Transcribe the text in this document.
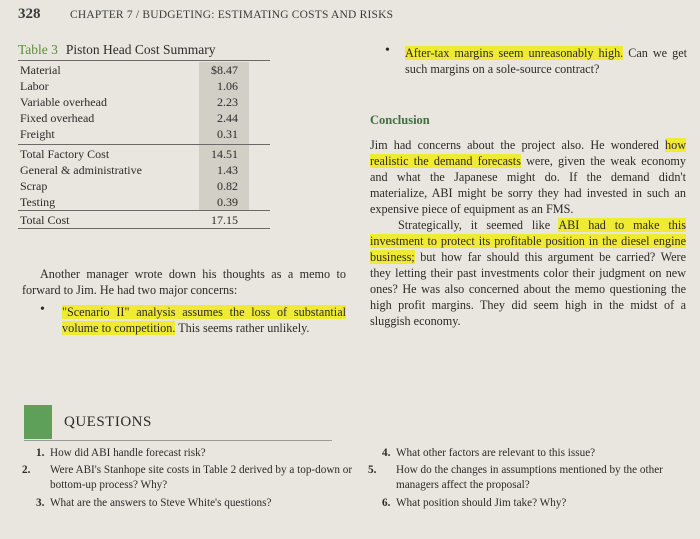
328	CHAPTER 7 / BUDGETING: ESTIMATING COSTS AND RISKS
Table 3 Piston Head Cost Summary
Material	$8.47
Labor	1.06
Variable overhead	2.23
Fixed overhead	2.44
Freight	0.31
Total Factory Cost	14.51
General & administrative	1.43
Scrap	0.82
Testing	0.39
Total Cost	17.15
Another manager wrote down his thoughts as a memo to forward to Jim. He had two major concerns:
• "Scenario II" analysis assumes the loss of substantial volume to competition. This seems rather unlikely.
• After-tax margins seem unreasonably high. Can we get such margins on a sole-source contract?
Conclusion
Jim had concerns about the project also. He wondered how realistic the demand forecasts were, given the weak economy and what the Japanese might do. If the demand didn't materialize, ABI might be sorry they had invested in such an expensive piece of equipment as an FMS.
Strategically, it seemed like ABI had to make this investment to protect its profitable position in the diesel engine business; but how far should this argument be carried? Were they letting their past investments color their judgment on new ones? He was also concerned about the memo questioning the high profit margins. They did seem high in the midst of a sluggish economy.
QUESTIONS
1. How did ABI handle forecast risk?
2. Were ABI's Stanhope site costs in Table 2 derived by a top-down or bottom-up process? Why?
3. What are the answers to Steve White's questions?
4. What other factors are relevant to this issue?
5. How do the changes in assumptions mentioned by the other managers affect the proposal?
6. What position should Jim take? Why?
